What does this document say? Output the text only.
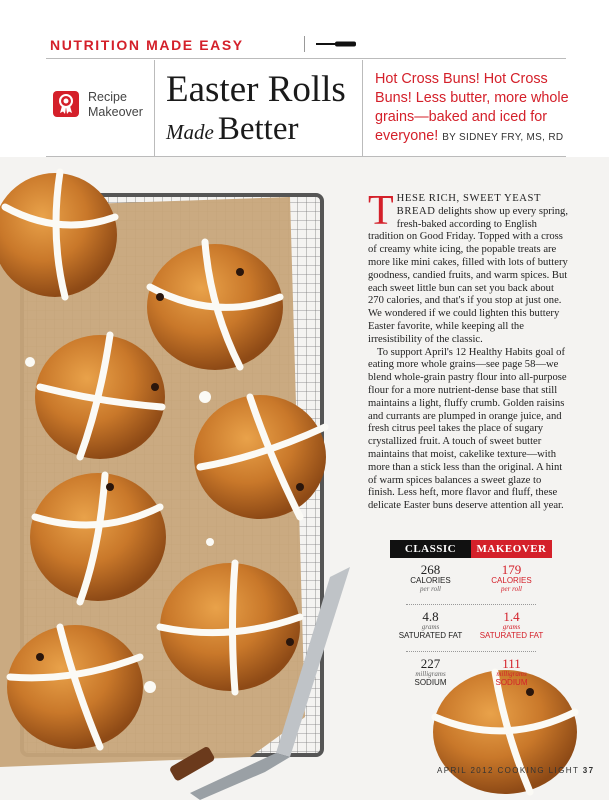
NUTRITION MADE EASY
Recipe
Makeover
Easter Rolls
Made Better
Hot Cross Buns! Hot Cross Buns! Less butter, more whole grains—baked and iced for everyone! BY SIDNEY FRY, MS, RD

T HESE RICH, SWEET YEAST BREAD delights show up every spring, fresh-baked according to English tradition on Good Friday. Topped with a cross of creamy white icing, the popable treats are more like mini cakes, filled with lots of buttery goodness, candied fruits, and warm spices. But each sweet little bun can set you back about 270 calories, and that's if you stop at just one. We wondered if we could lighten this buttery Easter favorite, while keeping all the irresistibility of the classic.

To support April's 12 Healthy Habits goal of eating more whole grains—see page 58—we blend whole-grain pastry flour into all-purpose flour for a more nutrient-dense base that still maintains a light, fluffy crumb. Golden raisins and currants are plumped in orange juice, and fresh citrus peel takes the place of sugary crystallized fruit. A touch of sweet butter maintains that moist, cakelike texture—with more than a stick less than the original. A hint of warm spices balances a sweet glaze to finish. Less heft, more flavor and fluff, these delicate Easter buns deserve attention all year.

CLASSIC	MAKEOVER
268
CALORIES
per roll
179
CALORIES
per roll
4.8
grams
SATURATED FAT
1.4
grams
SATURATED FAT
227
milligrams
SODIUM
111
milligrams
SODIUM
APRIL 2012 COOKING LIGHT 37
